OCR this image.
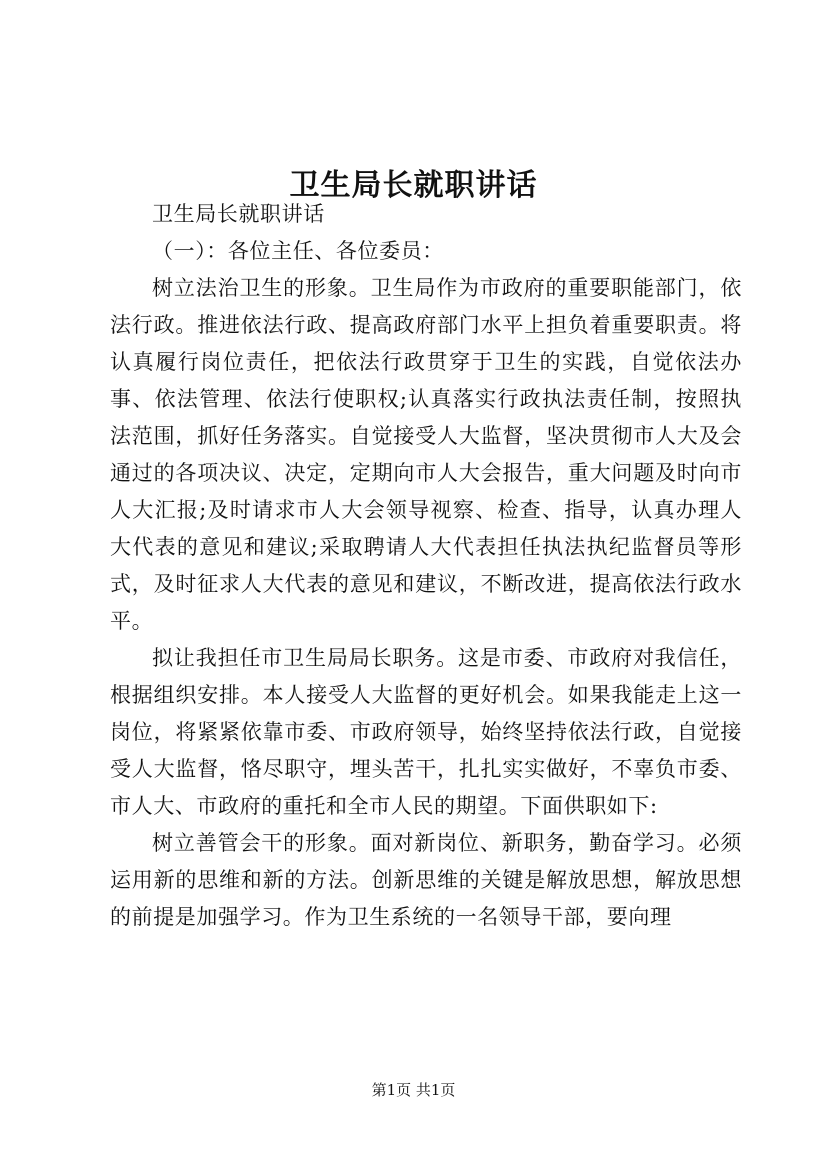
卫生局长就职讲话

卫生局长就职讲话

（一）：各位主任、各位委员：

树立法治卫生的形象。卫生局作为市政府的重要职能部门，依法行政。推进依法行政、提高政府部门水平上担负着重要职责。将认真履行岗位责任，把依法行政贯穿于卫生的实践，自觉依法办事、依法管理、依法行使职权;认真落实行政执法责任制，按照执法范围，抓好任务落实。自觉接受人大监督，坚决贯彻市人大及会通过的各项决议、决定，定期向市人大会报告，重大问题及时向市人大汇报;及时请求市人大会领导视察、检查、指导，认真办理人大代表的意见和建议;采取聘请人大代表担任执法执纪监督员等形式，及时征求人大代表的意见和建议，不断改进，提高依法行政水平。

拟让我担任市卫生局局长职务。这是市委、市政府对我信任，根据组织安排。本人接受人大监督的更好机会。如果我能走上这一岗位，将紧紧依靠市委、市政府领导，始终坚持依法行政，自觉接受人大监督，恪尽职守，埋头苦干，扎扎实实做好，不辜负市委、市人大、市政府的重托和全市人民的期望。下面供职如下:

树立善管会干的形象。面对新岗位、新职务，勤奋学习。必须运用新的思维和新的方法。创新思维的关键是解放思想，解放思想的前提是加强学习。作为卫生系统的一名领导干部，要向理

第1页 共1页
